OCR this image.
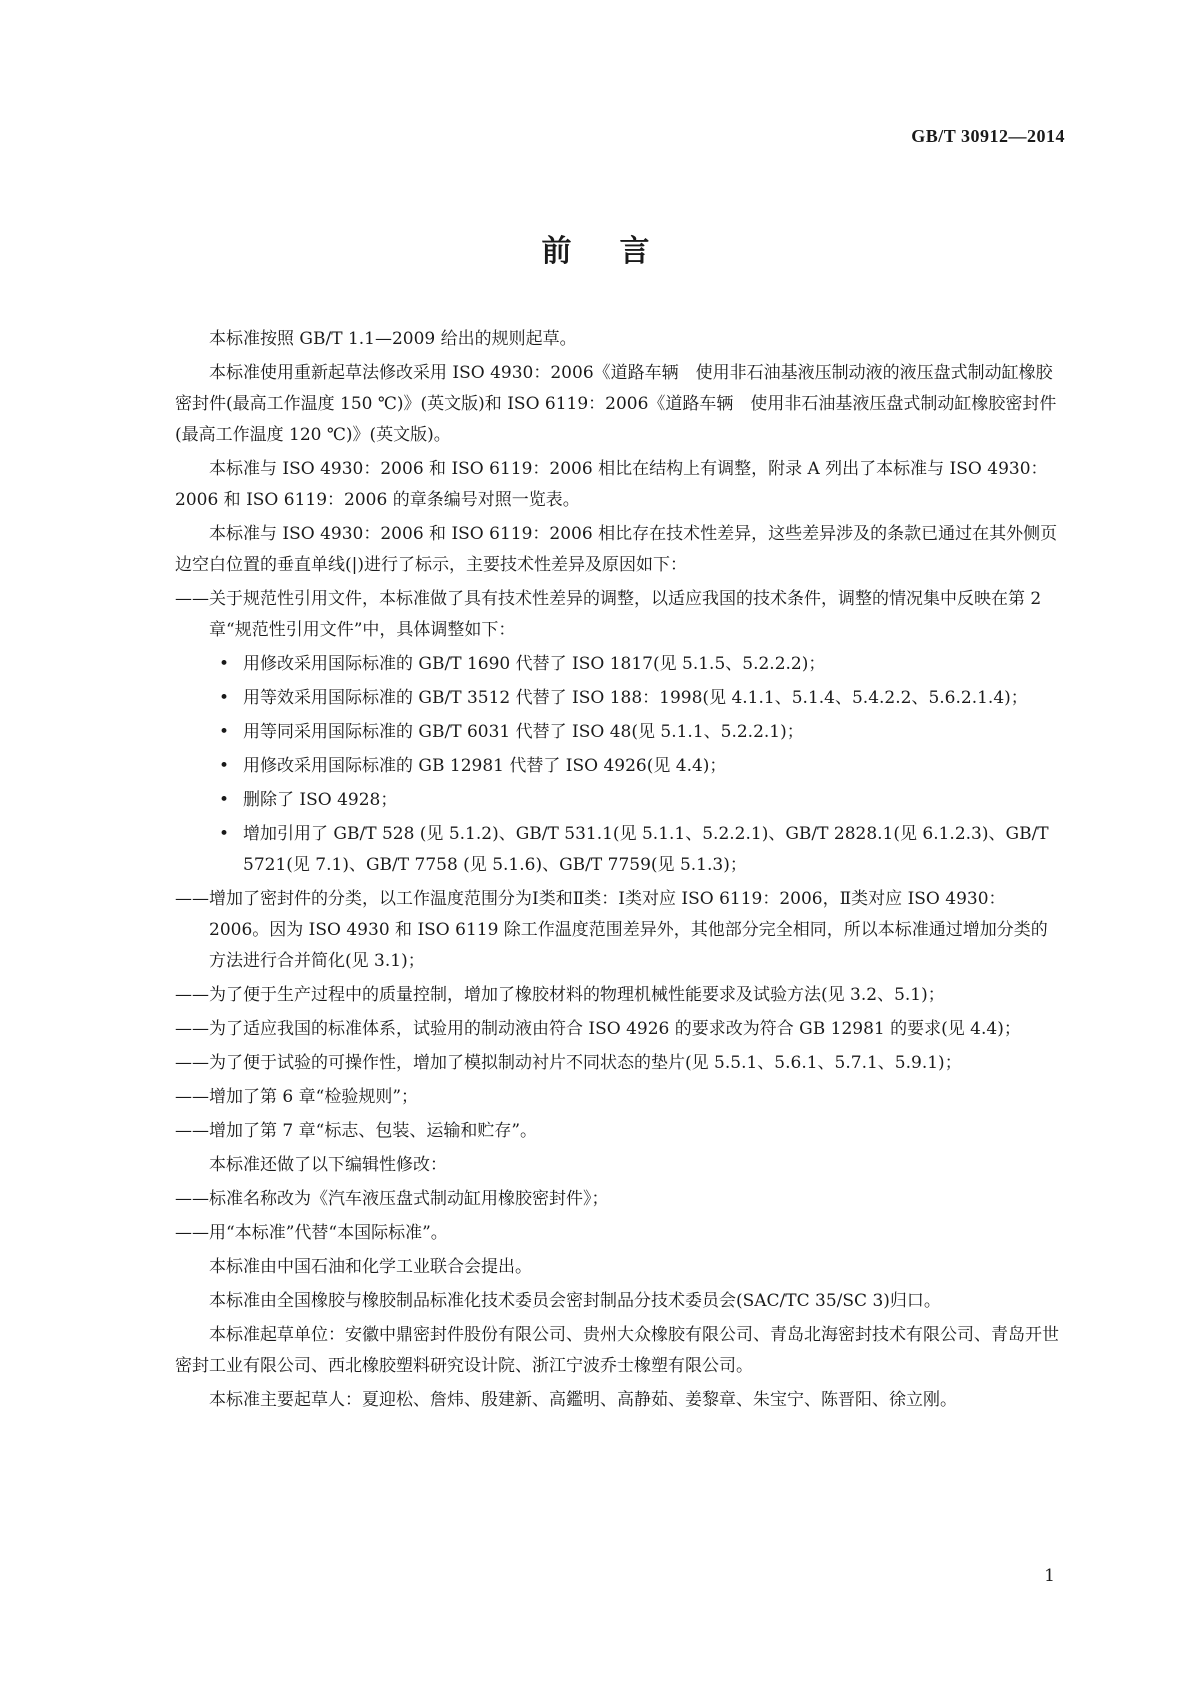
GB/T 30912—2014
前言

本标准按照 GB/T 1.1—2009 给出的规则起草。

本标准使用重新起草法修改采用 ISO 4930：2006《道路车辆　使用非石油基液压制动液的液压盘式制动缸橡胶密封件(最高工作温度 150 ℃)》(英文版)和 ISO 6119：2006《道路车辆　使用非石油基液压盘式制动缸橡胶密封件(最高工作温度 120 ℃)》(英文版)。

本标准与 ISO 4930：2006 和 ISO 6119：2006 相比在结构上有调整，附录 A 列出了本标准与 ISO 4930：2006 和 ISO 6119：2006 的章条编号对照一览表。

本标准与 ISO 4930：2006 和 ISO 6119：2006 相比存在技术性差异，这些差异涉及的条款已通过在其外侧页边空白位置的垂直单线(|)进行了标示，主要技术性差异及原因如下：

——关于规范性引用文件，本标准做了具有技术性差异的调整，以适应我国的技术条件，调整的情况集中反映在第 2 章“规范性引用文件”中，具体调整如下：
• 用修改采用国际标准的 GB/T 1690 代替了 ISO 1817(见 5.1.5、5.2.2.2)；
• 用等效采用国际标准的 GB/T 3512 代替了 ISO 188：1998(见 4.1.1、5.1.4、5.4.2.2、5.6.2.1.4)；
• 用等同采用国际标准的 GB/T 6031 代替了 ISO 48(见 5.1.1、5.2.2.1)；
• 用修改采用国际标准的 GB 12981 代替了 ISO 4926(见 4.4)；
• 删除了 ISO 4928；
• 增加引用了 GB/T 528 (见 5.1.2)、GB/T 531.1(见 5.1.1、5.2.2.1)、GB/T 2828.1(见 6.1.2.3)、GB/T 5721(见 7.1)、GB/T 7758 (见 5.1.6)、GB/T 7759(见 5.1.3)；
——增加了密封件的分类，以工作温度范围分为Ⅰ类和Ⅱ类：Ⅰ类对应 ISO 6119：2006，Ⅱ类对应 ISO 4930：2006。因为 ISO 4930 和 ISO 6119 除工作温度范围差异外，其他部分完全相同，所以本标准通过增加分类的方法进行合并简化(见 3.1)；
——为了便于生产过程中的质量控制，增加了橡胶材料的物理机械性能要求及试验方法(见 3.2、5.1)；
——为了适应我国的标准体系，试验用的制动液由符合 ISO 4926 的要求改为符合 GB 12981 的要求(见 4.4)；
——为了便于试验的可操作性，增加了模拟制动衬片不同状态的垫片(见 5.5.1、5.6.1、5.7.1、5.9.1)；
——增加了第 6 章“检验规则”；
——增加了第 7 章“标志、包装、运输和贮存”。

本标准还做了以下编辑性修改：

——标准名称改为《汽车液压盘式制动缸用橡胶密封件》；
——用“本标准”代替“本国际标准”。

本标准由中国石油和化学工业联合会提出。

本标准由全国橡胶与橡胶制品标准化技术委员会密封制品分技术委员会(SAC/TC 35/SC 3)归口。

本标准起草单位：安徽中鼎密封件股份有限公司、贵州大众橡胶有限公司、青岛北海密封技术有限公司、青岛开世密封工业有限公司、西北橡胶塑料研究设计院、浙江宁波乔士橡塑有限公司。

本标准主要起草人：夏迎松、詹炜、殷建新、高鑑明、高静茹、姜黎章、朱宝宁、陈晋阳、徐立刚。

1
